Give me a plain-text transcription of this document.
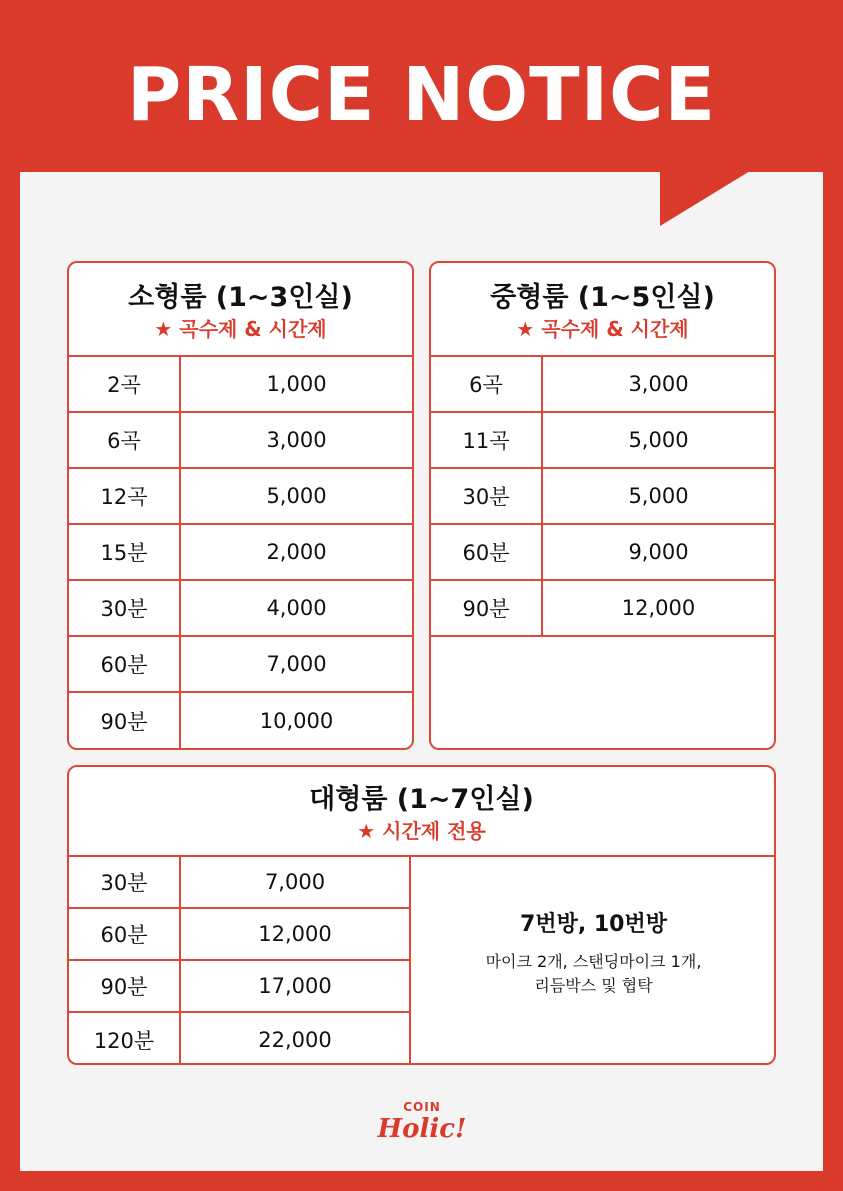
PRICE NOTICE
소형룸 (1~3인실)
★ 곡수제 & 시간제
2곡	1,000
6곡	3,000
12곡	5,000
15분	2,000
30분	4,000
60분	7,000
90분	10,000
중형룸 (1~5인실)
★ 곡수제 & 시간제
6곡	3,000
11곡	5,000
30분	5,000
60분	9,000
90분	12,000
대형룸 (1~7인실)
★ 시간제 전용
30분	7,000
60분	12,000
90분	17,000
120분	22,000
7번방, 10번방
마이크 2개, 스탠딩마이크 1개,
리듬박스 및 협탁
COIN
Holic!
